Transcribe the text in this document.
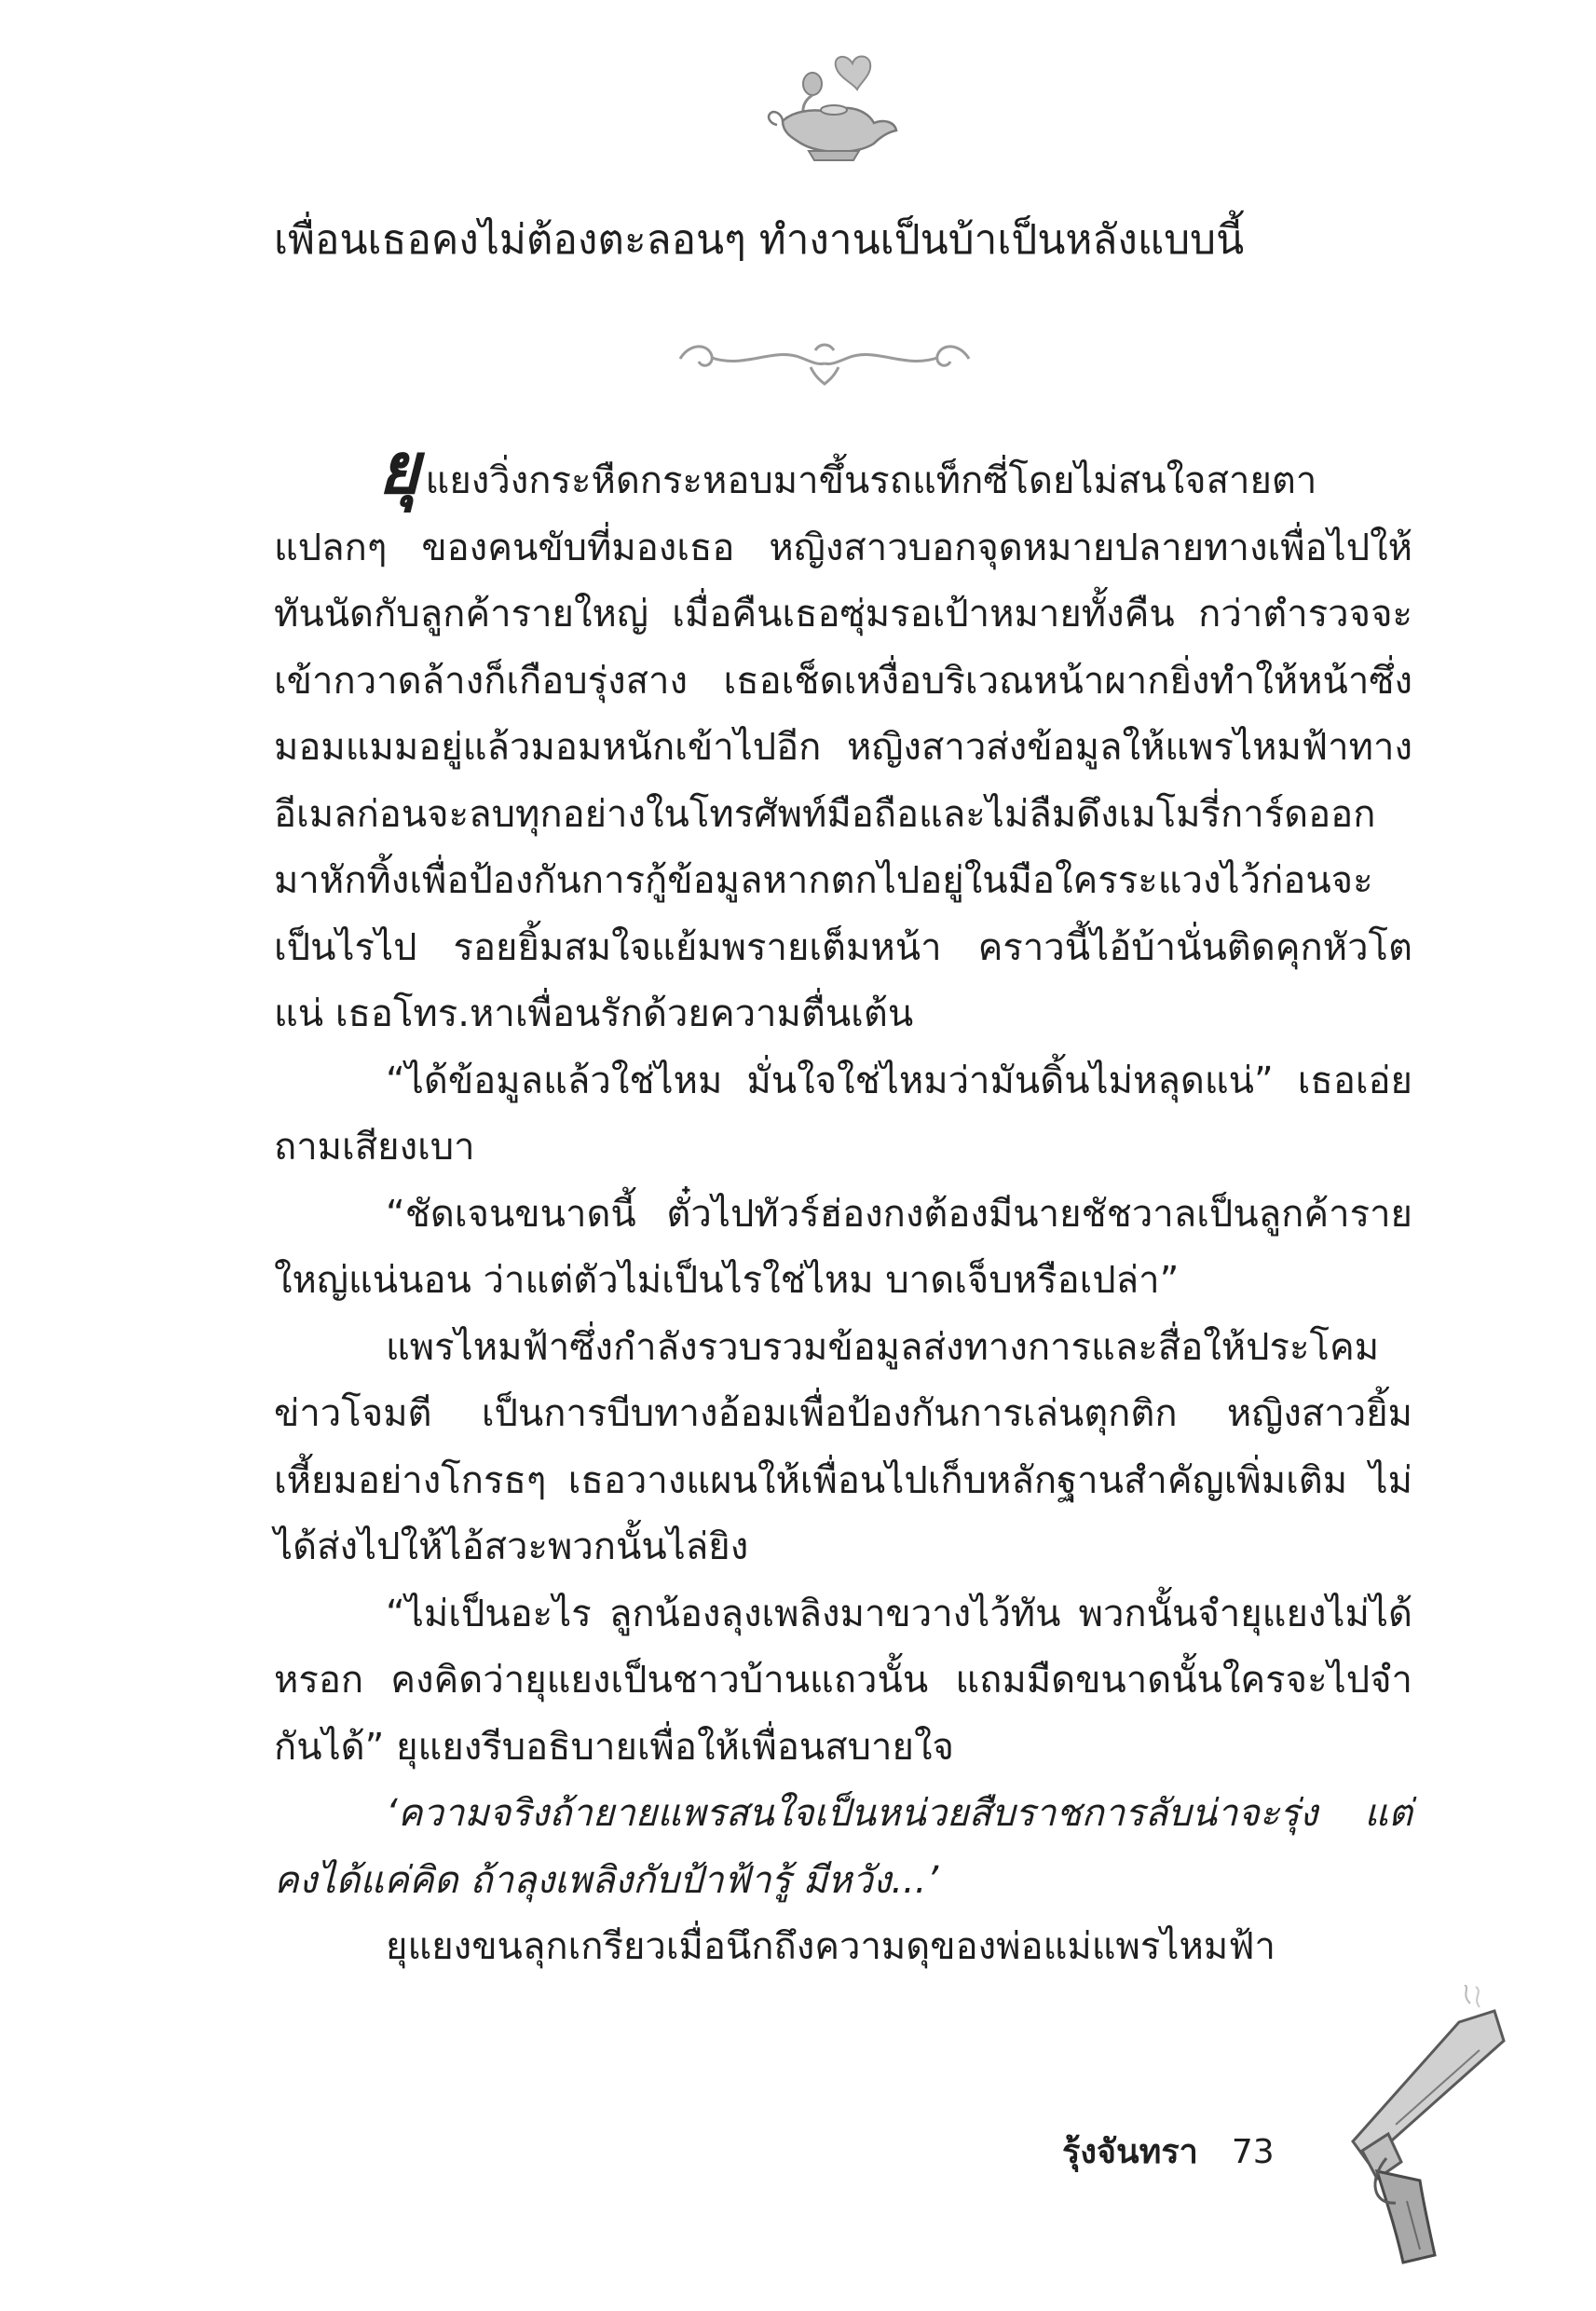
เพื่อนเธอคงไม่ต้องตะลอนๆ ทำงานเป็นบ้าเป็นหลังแบบนี้

ยุแยงวิ่งกระหืดกระหอบมาขึ้นรถแท็กซี่โดยไม่สนใจสายตาแปลกๆ ของคนขับที่มองเธอ หญิงสาวบอกจุดหมายปลายทางเพื่อไปให้ทันนัดกับลูกค้ารายใหญ่ เมื่อคืนเธอซุ่มรอเป้าหมายทั้งคืน กว่าตำรวจจะเข้ากวาดล้างก็เกือบรุ่งสาง เธอเช็ดเหงื่อบริเวณหน้าผากยิ่งทำให้หน้าซึ่งมอมแมมอยู่แล้วมอมหนักเข้าไปอีก หญิงสาวส่งข้อมูลให้แพรไหมฟ้าทางอีเมลก่อนจะลบทุกอย่างในโทรศัพท์มือถือและไม่ลืมดึงเมโมรี่การ์ดออกมาหักทิ้งเพื่อป้องกันการกู้ข้อมูลหากตกไปอยู่ในมือใครระแวงไว้ก่อนจะเป็นไรไป รอยยิ้มสมใจแย้มพรายเต็มหน้า คราวนี้ไอ้บ้านั่นติดคุกหัวโตแน่ เธอโทร.หาเพื่อนรักด้วยความตื่นเต้น

“ได้ข้อมูลแล้วใช่ไหม มั่นใจใช่ไหมว่ามันดิ้นไม่หลุดแน่” เธอเอ่ยถามเสียงเบา

“ชัดเจนขนาดนี้ ตั๋วไปทัวร์ฮ่องกงต้องมีนายชัชวาลเป็นลูกค้ารายใหญ่แน่นอน ว่าแต่ตัวไม่เป็นไรใช่ไหม บาดเจ็บหรือเปล่า”

แพรไหมฟ้าซึ่งกำลังรวบรวมข้อมูลส่งทางการและสื่อให้ประโคมข่าวโจมตี เป็นการบีบทางอ้อมเพื่อป้องกันการเล่นตุกติก หญิงสาวยิ้มเหี้ยมอย่างโกรธๆ เธอวางแผนให้เพื่อนไปเก็บหลักฐานสำคัญเพิ่มเติม ไม่ได้ส่งไปให้ไอ้สวะพวกนั้นไล่ยิง

“ไม่เป็นอะไร ลูกน้องลุงเพลิงมาขวางไว้ทัน พวกนั้นจำยุแยงไม่ได้หรอก คงคิดว่ายุแยงเป็นชาวบ้านแถวนั้น แถมมืดขนาดนั้นใครจะไปจำกันได้” ยุแยงรีบอธิบายเพื่อให้เพื่อนสบายใจ

‘ความจริงถ้ายายแพรสนใจเป็นหน่วยสืบราชการลับน่าจะรุ่ง แต่คงได้แค่คิด ถ้าลุงเพลิงกับป้าฟ้ารู้ มีหวัง...’

ยุแยงขนลุกเกรียวเมื่อนึกถึงความดุของพ่อแม่แพรไหมฟ้า

รุ้งจันทรา 73
